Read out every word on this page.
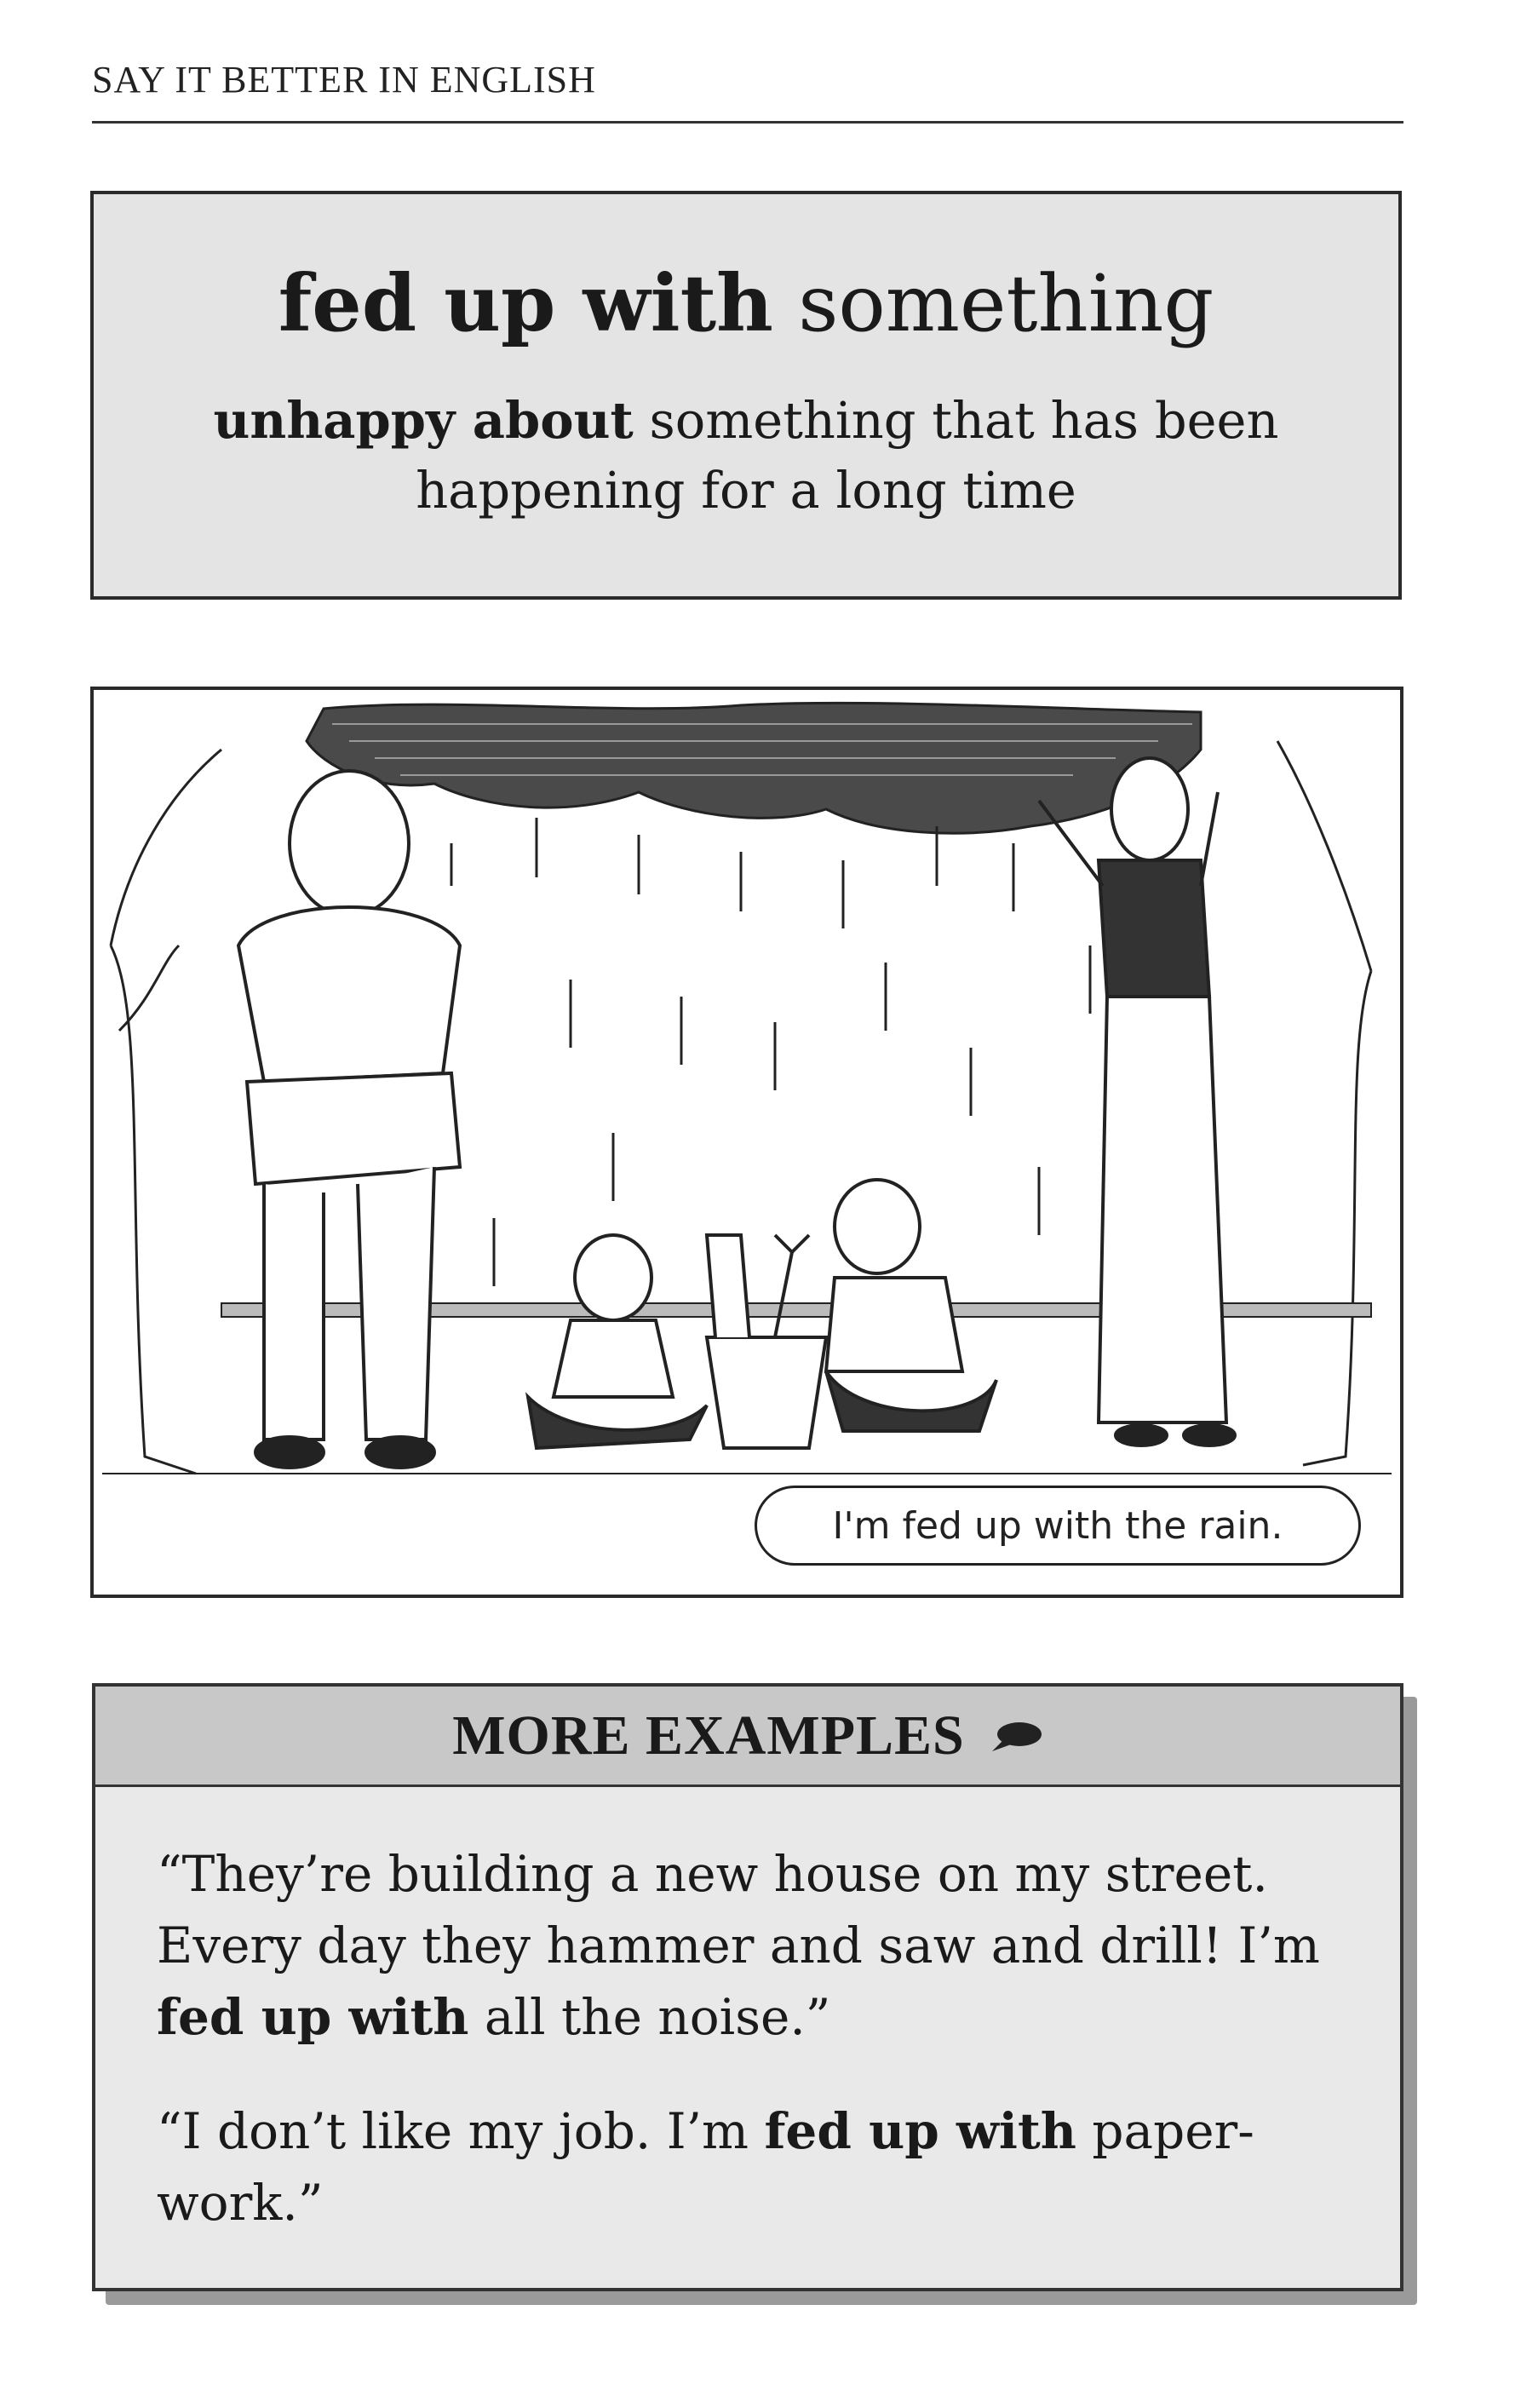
SAY IT BETTER IN ENGLISH
fed up with something
unhappy about something that has been happening for a long time
I'm fed up with the rain.
MORE EXAMPLES
“They’re building a new house on my street. Every day they hammer and saw and drill! I’m fed up with all the noise.”
“I don’t like my job. I’m fed up with paper-work.”
